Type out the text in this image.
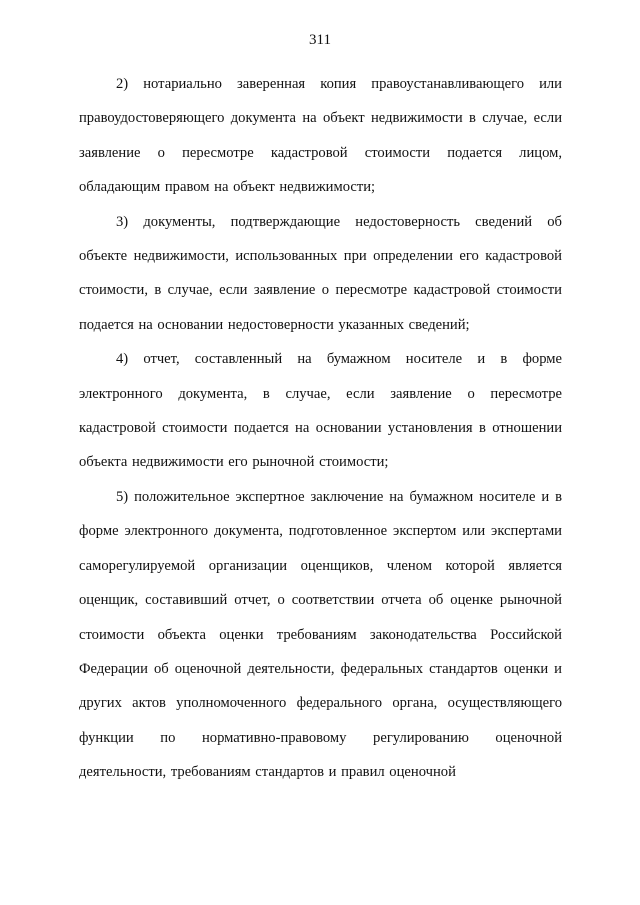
311

2) нотариально заверенная копия правоустанавливающего или правоудостоверяющего документа на объект недвижимости в случае, если заявление о пересмотре кадастровой стоимости подается лицом, обладающим правом на объект недвижимости;

3) документы, подтверждающие недостоверность сведений об объекте недвижимости, использованных при определении его кадастровой стоимости, в случае, если заявление о пересмотре кадастровой стоимости подается на основании недостоверности указанных сведений;

4) отчет, составленный на бумажном носителе и в форме электронного документа, в случае, если заявление о пересмотре кадастровой стоимости подается на основании установления в отношении объекта недвижимости его рыночной стоимости;

5) положительное экспертное заключение на бумажном носителе и в форме электронного документа, подготовленное экспертом или экспертами саморегулируемой организации оценщиков, членом которой является оценщик, составивший отчет, о соответствии отчета об оценке рыночной стоимости объекта оценки требованиям законодательства Российской Федерации об оценочной деятельности, федеральных стандартов оценки и других актов уполномоченного федерального органа, осуществляющего функции по нормативно-правовому регулированию оценочной деятельности, требованиям стандартов и правил оценочной
